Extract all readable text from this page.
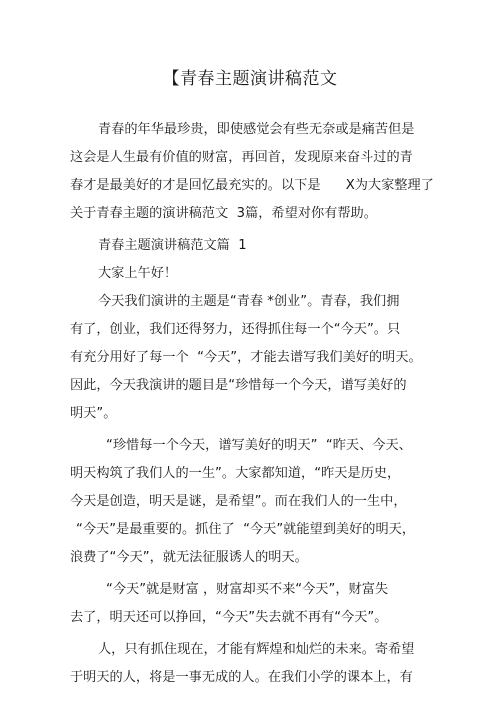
【青春主题演讲稿范文
青春的年华最珍贵，即使感觉会有些无奈或是痛苦但是
这会是人生最有价值的财富，再回首，发现原来奋斗过的青
春才是最美好的才是回忆最充实的。以下是      X为大家整理了
关于青春主题的演讲稿范文  3篇，希望对你有帮助。
青春主题演讲稿范文篇  1
大家上午好！
今天我们演讲的主题是“青春 *创业”。青春，我们拥
有了，创业，我们还得努力，还得抓住每一个“今天”。只
有充分用好了每一个  “今天”，才能去谱写我们美好的明天。
因此，今天我演讲的题目是“珍惜每一个今天，谱写美好的
明天”。
“珍惜每一个今天，谱写美好的明天”  “昨天、今天、
明天构筑了我们人的一生”。大家都知道，“昨天是历史，
今天是创造，明天是谜，是希望”。而在我们人的一生中，
“今天”是最重要的。抓住了  “今天”就能望到美好的明天，
浪费了“今天”，就无法征服诱人的明天。
“今天”就是财富 ，财富却买不来“今天”，财富失
去了，明天还可以挣回，“今天”失去就不再有“今天”。
人，只有抓住现在，才能有辉煌和灿烂的未来。寄希望
于明天的人，将是一事无成的人。在我们小学的课本上，有
